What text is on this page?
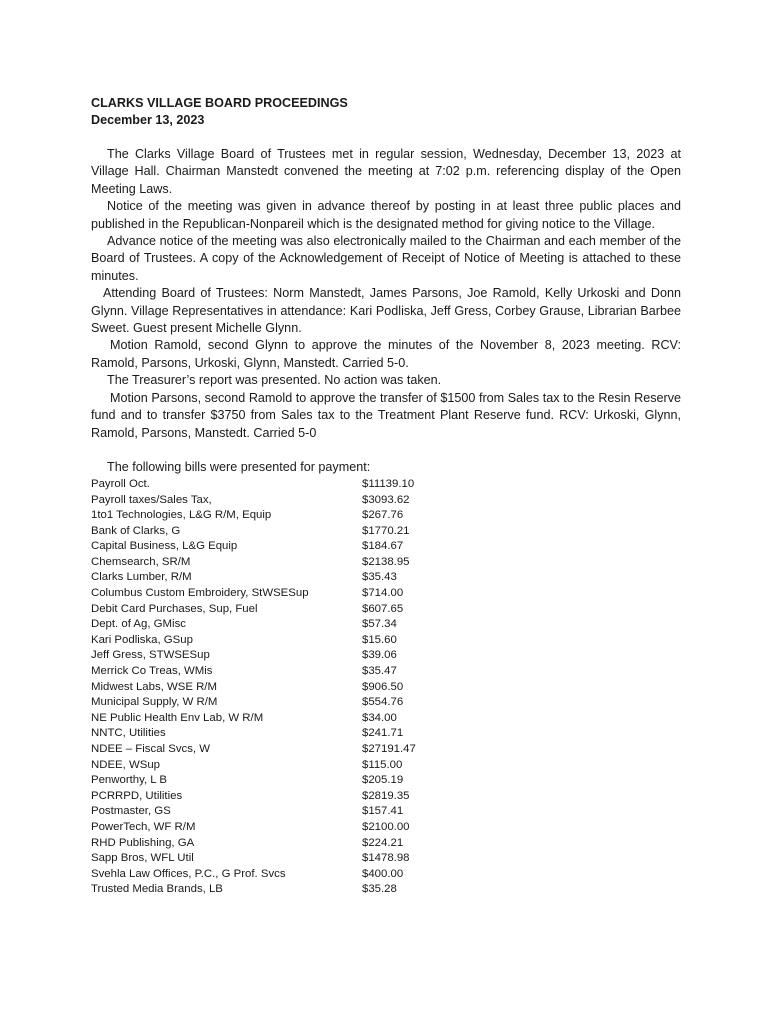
CLARKS VILLAGE BOARD PROCEEDINGS

December 13, 2023

The Clarks Village Board of Trustees met in regular session, Wednesday, December 13, 2023 at Village Hall. Chairman Manstedt convened the meeting at 7:02 p.m. referencing display of the Open Meeting Laws.

Notice of the meeting was given in advance thereof by posting in at least three public places and published in the Republican-Nonpareil which is the designated method for giving notice to the Village.

Advance notice of the meeting was also electronically mailed to the Chairman and each member of the Board of Trustees. A copy of the Acknowledgement of Receipt of Notice of Meeting is attached to these minutes.

Attending Board of Trustees: Norm Manstedt, James Parsons, Joe Ramold, Kelly Urkoski and Donn Glynn. Village Representatives in attendance: Kari Podliska, Jeff Gress, Corbey Grause, Librarian Barbee Sweet. Guest present Michelle Glynn.

Motion Ramold, second Glynn to approve the minutes of the November 8, 2023 meeting. RCV: Ramold, Parsons, Urkoski, Glynn, Manstedt. Carried 5-0.

The Treasurer’s report was presented. No action was taken.

Motion Parsons, second Ramold to approve the transfer of $1500 from Sales tax to the Resin Reserve fund and to transfer $3750 from Sales tax to the Treatment Plant Reserve fund. RCV: Urkoski, Glynn, Ramold, Parsons, Manstedt. Carried 5-0

The following bills were presented for payment:
Payroll Oct.	$11139.10
Payroll taxes/Sales Tax,	$3093.62
1to1 Technologies, L&G R/M, Equip	$267.76
Bank of Clarks, G	$1770.21
Capital Business, L&G Equip	$184.67
Chemsearch, SR/M	$2138.95
Clarks Lumber, R/M	$35.43
Columbus Custom Embroidery, StWSESup	$714.00
Debit Card Purchases, Sup, Fuel	$607.65
Dept. of Ag, GMisc	$57.34
Kari Podliska, GSup	$15.60
Jeff Gress, STWSESup	$39.06
Merrick Co Treas, WMis	$35.47
Midwest Labs, WSE R/M	$906.50
Municipal Supply, W R/M	$554.76
NE Public Health Env Lab, W R/M	$34.00
NNTC, Utilities	$241.71
NDEE – Fiscal Svcs, W	$27191.47
NDEE, WSup	$115.00
Penworthy, L B	$205.19
PCRRPD, Utilities	$2819.35
Postmaster, GS	$157.41
PowerTech, WF R/M	$2100.00
RHD Publishing, GA	$224.21
Sapp Bros, WFL Util	$1478.98
Svehla Law Offices, P.C., G Prof. Svcs	$400.00
Trusted Media Brands, LB	$35.28
